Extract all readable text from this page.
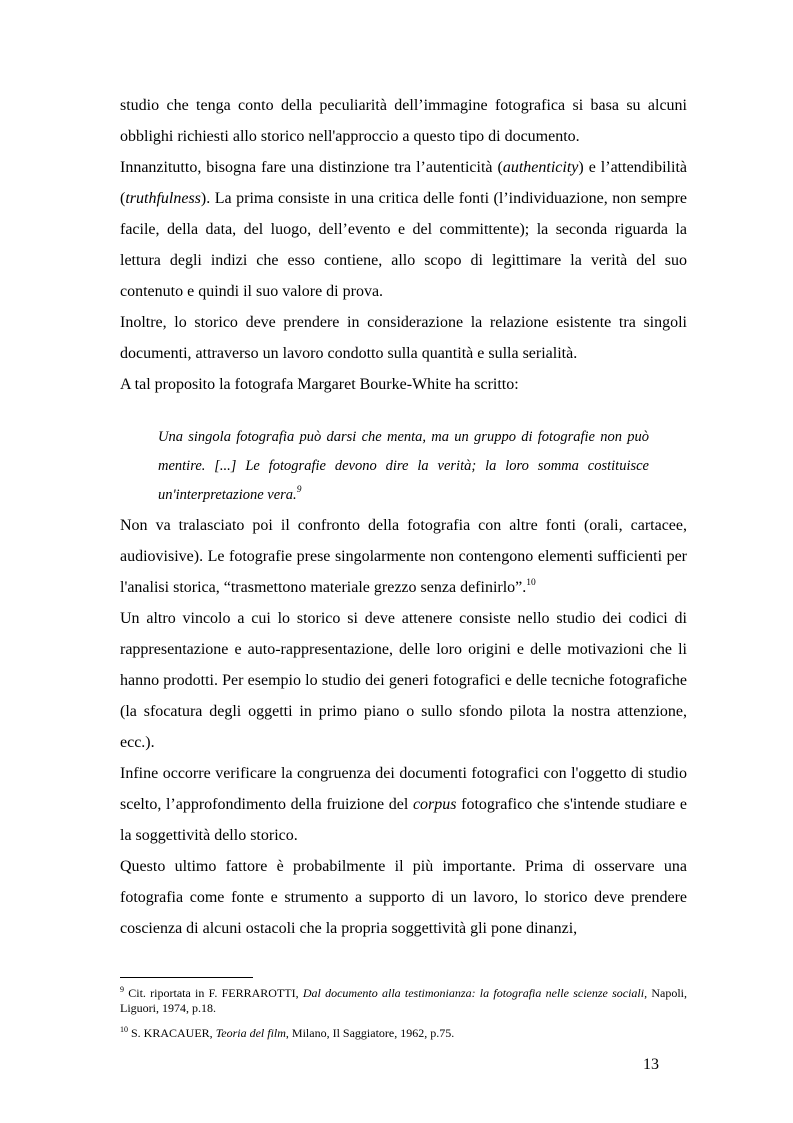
studio che tenga conto della peculiarità dell’immagine fotografica si basa su alcuni obblighi richiesti allo storico nell'approccio a questo tipo di documento.

Innanzitutto, bisogna fare una distinzione tra l’autenticità (authenticity) e l’attendibilità (truthfulness). La prima consiste in una critica delle fonti (l’individuazione, non sempre facile, della data, del luogo, dell’evento e del committente); la seconda riguarda la lettura degli indizi che esso contiene, allo scopo di legittimare la verità del suo contenuto e quindi il suo valore di prova.

Inoltre, lo storico deve prendere in considerazione la relazione esistente tra singoli documenti, attraverso un lavoro condotto sulla quantità e sulla serialità.

A tal proposito la fotografa Margaret Bourke-White ha scritto:

Una singola fotografia può darsi che menta, ma un gruppo di fotografie non può mentire. [...] Le fotografie devono dire la verità; la loro somma costituisce un'interpretazione vera.$^9$

Non va tralasciato poi il confronto della fotografia con altre fonti (orali, cartacee, audiovisive). Le fotografie prese singolarmente non contengono elementi sufficienti per l'analisi storica, “trasmettono materiale grezzo senza definirlo”.$^{10}$

Un altro vincolo a cui lo storico si deve attenere consiste nello studio dei codici di rappresentazione e auto-rappresentazione, delle loro origini e delle motivazioni che li hanno prodotti. Per esempio lo studio dei generi fotografici e delle tecniche fotografiche (la sfocatura degli oggetti in primo piano o sullo sfondo pilota la nostra attenzione, ecc.).

Infine occorre verificare la congruenza dei documenti fotografici con l'oggetto di studio scelto, l’approfondimento della fruizione del corpus fotografico che s'intende studiare e la soggettività dello storico.

Questo ultimo fattore è probabilmente il più importante. Prima di osservare una fotografia come fonte e strumento a supporto di un lavoro, lo storico deve prendere coscienza di alcuni ostacoli che la propria soggettività gli pone dinanzi,

$^9$ Cit. riportata in F. FERRAROTTI, Dal documento alla testimonianza: la fotografia nelle scienze sociali, Napoli, Liguori, 1974, p.18.

$^{10}$ S. KRACAUER, Teoria del film, Milano, Il Saggiatore, 1962, p.75.

13
